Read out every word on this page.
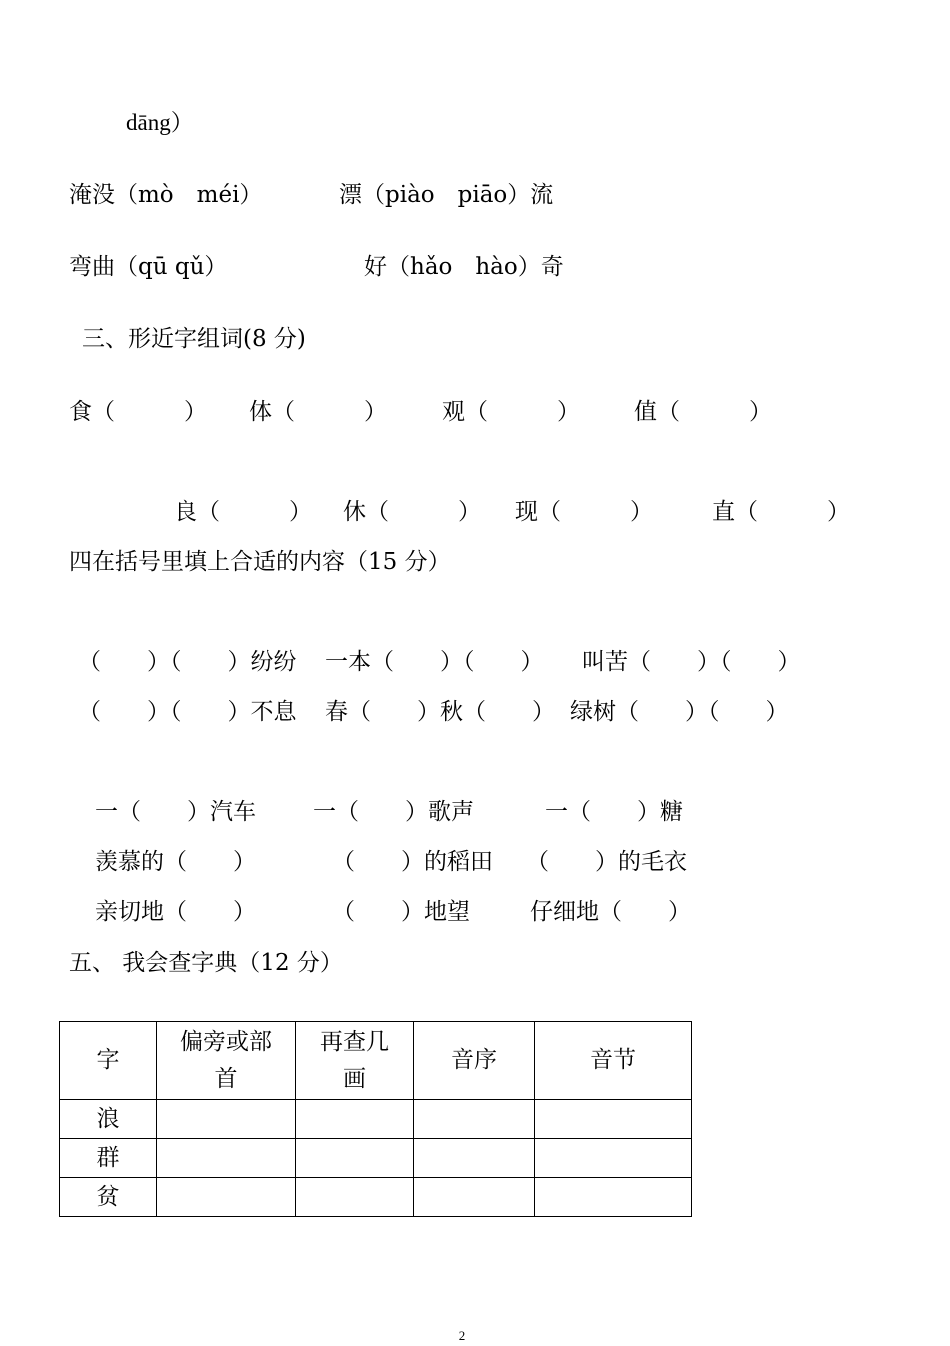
dāng）
淹没（mò　méi）	漂（piào　piāo）流
弯曲（qū qǔ）	好（hǎo　hào）奇
三、形近字组词(8 分)
食（　　　） 体（　　　） 观（　　　） 值（　　　）
良（　　　） 休（　　　） 现（　　　）	直（　　　）
四在括号里填上合适的内容（15 分）
（　　）（　　）纷纷 一本（　　）（　　） 叫苦（　　）（　　）
（　　）（　　）不息 春（　　）秋（　　） 绿树（　　）（　　）
一（　　）汽车 一（　　）歌声	一（　　）糖
羡慕的（　　）	（　　）的稻田 （　　）的毛衣
亲切地（　　）	（　　）地望	仔细地（　　）
五、 我会查字典（12 分）
字	偏旁或部首	再查几画	音序	音节
浪				
群				
贫				
2
